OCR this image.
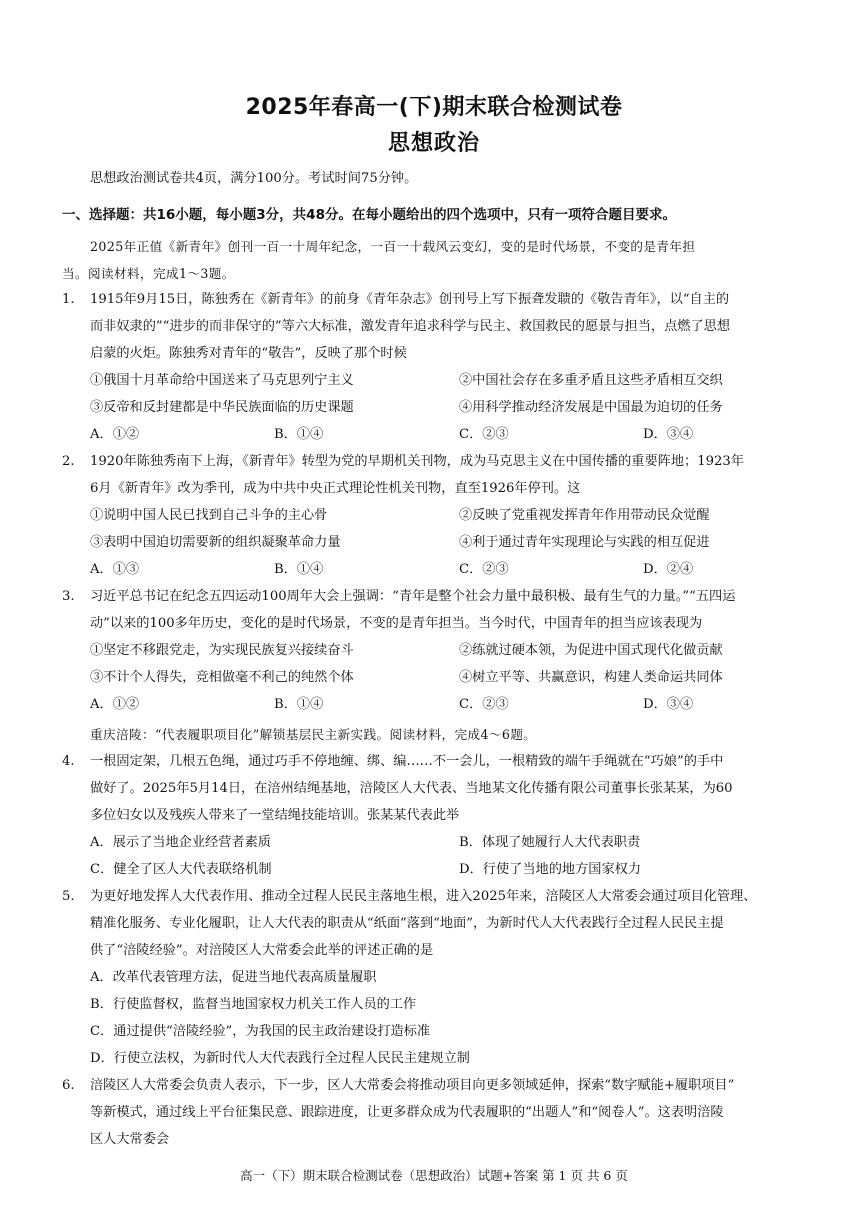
2025年春高一(下)期末联合检测试卷
思想政治
思想政治测试卷共4页，满分100分。考试时间75分钟。
一、选择题：共16小题，每小题3分，共48分。在每小题给出的四个选项中，只有一项符合题目要求。
2025年正值《新青年》创刊一百一十周年纪念，一百一十载风云变幻，变的是时代场景，不变的是青年担
当。阅读材料，完成1～3题。
1. 1915年9月15日，陈独秀在《新青年》的前身《青年杂志》创刊号上写下振聋发聩的《敬告青年》，以“自主的
而非奴隶的”“进步的而非保守的”等六大标准，激发青年追求科学与民主、救国救民的愿景与担当，点燃了思想
启蒙的火炬。陈独秀对青年的“敬告”，反映了那个时候
①俄国十月革命给中国送来了马克思列宁主义	②中国社会存在多重矛盾且这些矛盾相互交织
③反帝和反封建都是中华民族面临的历史课题	④用科学推动经济发展是中国最为迫切的任务
A．①②	B．①④	C．②③	D．③④
2. 1920年陈独秀南下上海，《新青年》转型为党的早期机关刊物，成为马克思主义在中国传播的重要阵地；1923年
6月《新青年》改为季刊，成为中共中央正式理论性机关刊物，直至1926年停刊。这
①说明中国人民已找到自己斗争的主心骨	②反映了党重视发挥青年作用带动民众觉醒
③表明中国迫切需要新的组织凝聚革命力量	④利于通过青年实现理论与实践的相互促进
A．①③	B．①④	C．②③	D．②④
3. 习近平总书记在纪念五四运动100周年大会上强调：“青年是整个社会力量中最积极、最有生气的力量。”“五四运
动”以来的100多年历史，变化的是时代场景，不变的是青年担当。当今时代，中国青年的担当应该表现为
①坚定不移跟党走，为实现民族复兴接续奋斗	②练就过硬本领，为促进中国式现代化做贡献
③不计个人得失，竞相做毫不利己的纯然个体	④树立平等、共赢意识，构建人类命运共同体
A．①②	B．①④	C．②③	D．③④
重庆涪陵：“代表履职项目化”解锁基层民主新实践。阅读材料，完成4～6题。
4. 一根固定架，几根五色绳，通过巧手不停地缠、绑、编……不一会儿，一根精致的端午手绳就在“巧娘”的手中
做好了。2025年5月14日，在涪州结绳基地，涪陵区人大代表、当地某文化传播有限公司董事长张某某，为60
多位妇女以及残疾人带来了一堂结绳技能培训。张某某代表此举
A．展示了当地企业经营者素质	B．体现了她履行人大代表职责
C．健全了区人大代表联络机制	D．行使了当地的地方国家权力
5. 为更好地发挥人大代表作用、推动全过程人民民主落地生根，进入2025年来，涪陵区人大常委会通过项目化管理、
精准化服务、专业化履职，让人大代表的职责从“纸面”落到“地面”，为新时代人大代表践行全过程人民民主提
供了“涪陵经验”。对涪陵区人大常委会此举的评述正确的是
A．改革代表管理方法，促进当地代表高质量履职
B．行使监督权，监督当地国家权力机关工作人员的工作
C．通过提供“涪陵经验”，为我国的民主政治建设打造标准
D．行使立法权，为新时代人大代表践行全过程人民民主建规立制
6. 涪陵区人大常委会负责人表示，下一步，区人大常委会将推动项目向更多领域延伸，探索“数字赋能+履职项目”
等新模式，通过线上平台征集民意、跟踪进度，让更多群众成为代表履职的“出题人”和“阅卷人”。这表明涪陵
区人大常委会
高一（下）期末联合检测试卷（思想政治）试题+答案 第 1 页 共 6 页
